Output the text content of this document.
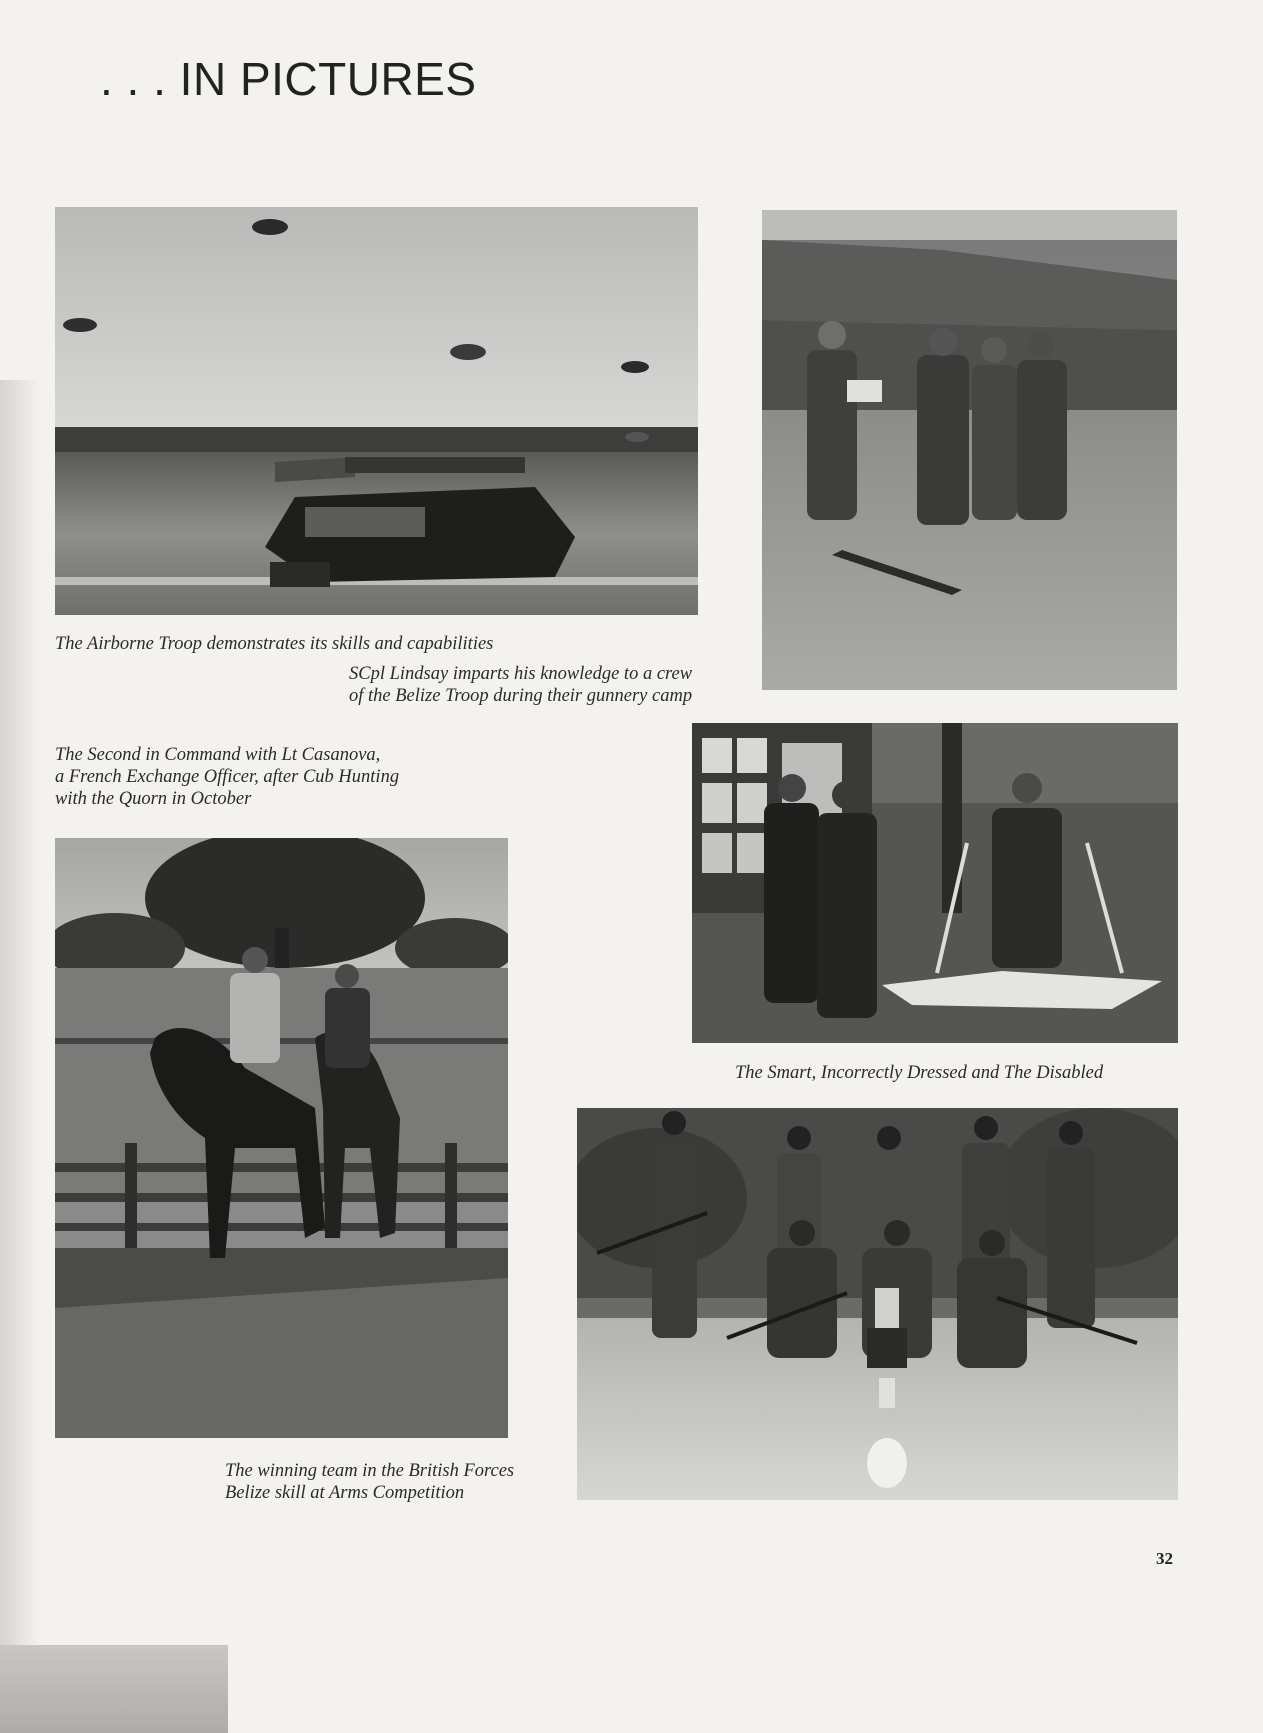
. . . IN PICTURES

The Airborne Troop demonstrates its skills and capabilities

SCpl Lindsay imparts his knowledge to a crew
of the Belize Troop during their gunnery camp

The Second in Command with Lt Casanova,
a French Exchange Officer, after Cub Hunting
with the Quorn in October

The Smart, Incorrectly Dressed and The Disabled

The winning team in the British Forces
Belize skill at Arms Competition

32
